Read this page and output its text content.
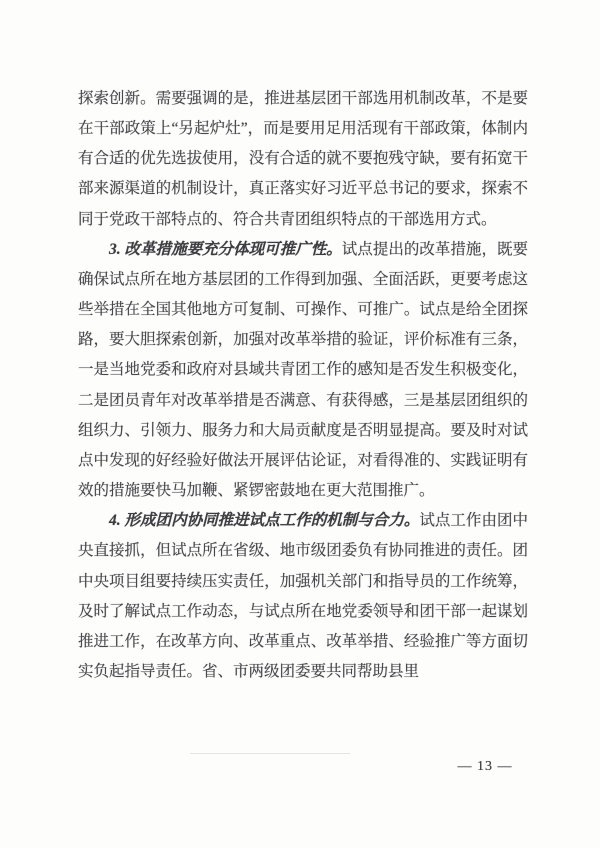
探索创新。需要强调的是，推进基层团干部选用机制改革，不是要在干部政策上“另起炉灶”，而是要用足用活现有干部政策，体制内有合适的优先选拔使用，没有合适的就不要抱残守缺，要有拓宽干部来源渠道的机制设计，真正落实好习近平总书记的要求，探索不同于党政干部特点的、符合共青团组织特点的干部选用方式。

3. 改革措施要充分体现可推广性。试点提出的改革措施，既要确保试点所在地方基层团的工作得到加强、全面活跃，更要考虑这些举措在全国其他地方可复制、可操作、可推广。试点是给全团探路，要大胆探索创新，加强对改革举措的验证，评价标准有三条，一是当地党委和政府对县域共青团工作的感知是否发生积极变化，二是团员青年对改革举措是否满意、有获得感，三是基层团组织的组织力、引领力、服务力和大局贡献度是否明显提高。要及时对试点中发现的好经验好做法开展评估论证，对看得准的、实践证明有效的措施要快马加鞭、紧锣密鼓地在更大范围推广。

4. 形成团内协同推进试点工作的机制与合力。试点工作由团中央直接抓，但试点所在省级、地市级团委负有协同推进的责任。团中央项目组要持续压实责任，加强机关部门和指导员的工作统筹，及时了解试点工作动态，与试点所在地党委领导和团干部一起谋划推进工作，在改革方向、改革重点、改革举措、经验推广等方面切实负起指导责任。省、市两级团委要共同帮助县里

— 13 —
